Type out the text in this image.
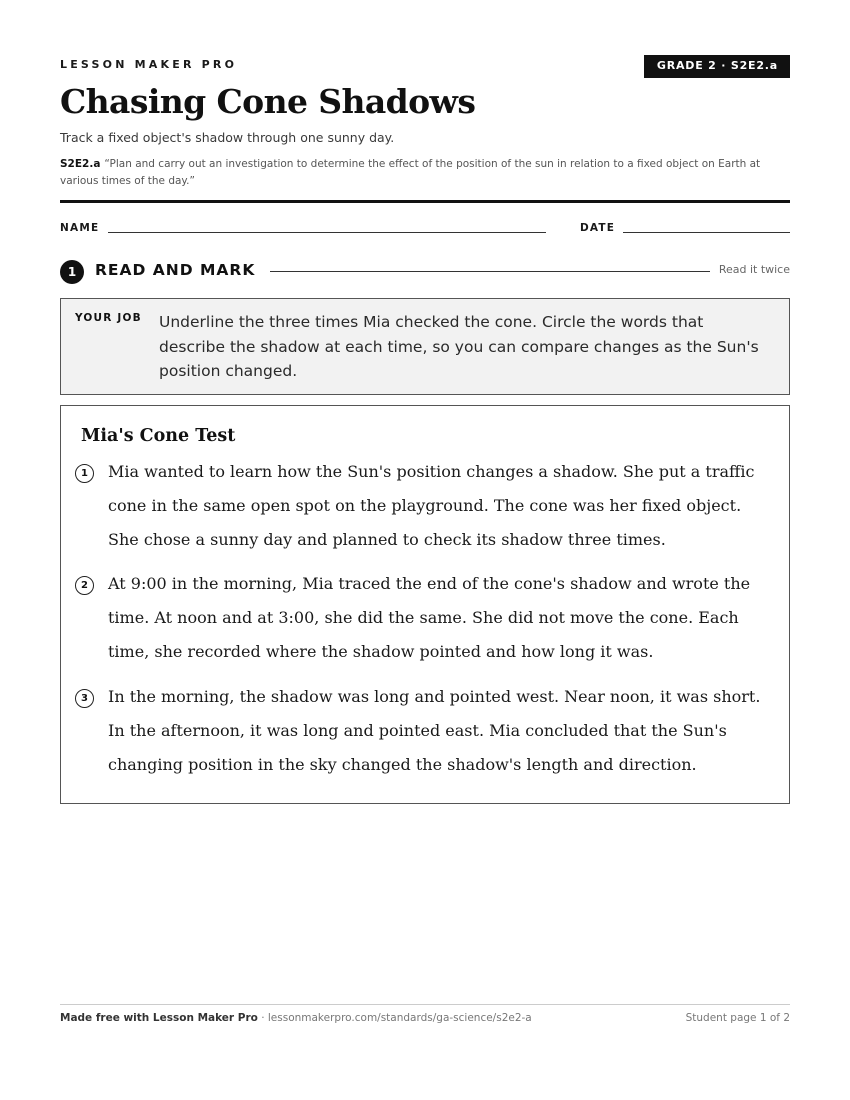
LESSON MAKER PRO	GRADE 2 · S2E2.a
Chasing Cone Shadows
Track a fixed object's shadow through one sunny day.
S2E2.a “Plan and carry out an investigation to determine the effect of the position of the sun in relation to a fixed object on Earth at various times of the day.”
NAME	DATE
1	READ AND MARK	Read it twice
YOUR JOB Underline the three times Mia checked the cone. Circle the words that describe the shadow at each time, so you can compare changes as the Sun's position changed.
Mia's Cone Test
1	Mia wanted to learn how the Sun's position changes a shadow. She put a traffic cone in the same open spot on the playground. The cone was her fixed object. She chose a sunny day and planned to check its shadow three times.
2	At 9:00 in the morning, Mia traced the end of the cone's shadow and wrote the time. At noon and at 3:00, she did the same. She did not move the cone. Each time, she recorded where the shadow pointed and how long it was.
3	In the morning, the shadow was long and pointed west. Near noon, it was short. In the afternoon, it was long and pointed east. Mia concluded that the Sun's changing position in the sky changed the shadow's length and direction.
Made free with Lesson Maker Pro · lessonmakerpro.com/standards/ga-science/s2e2-a	Student page 1 of 2
